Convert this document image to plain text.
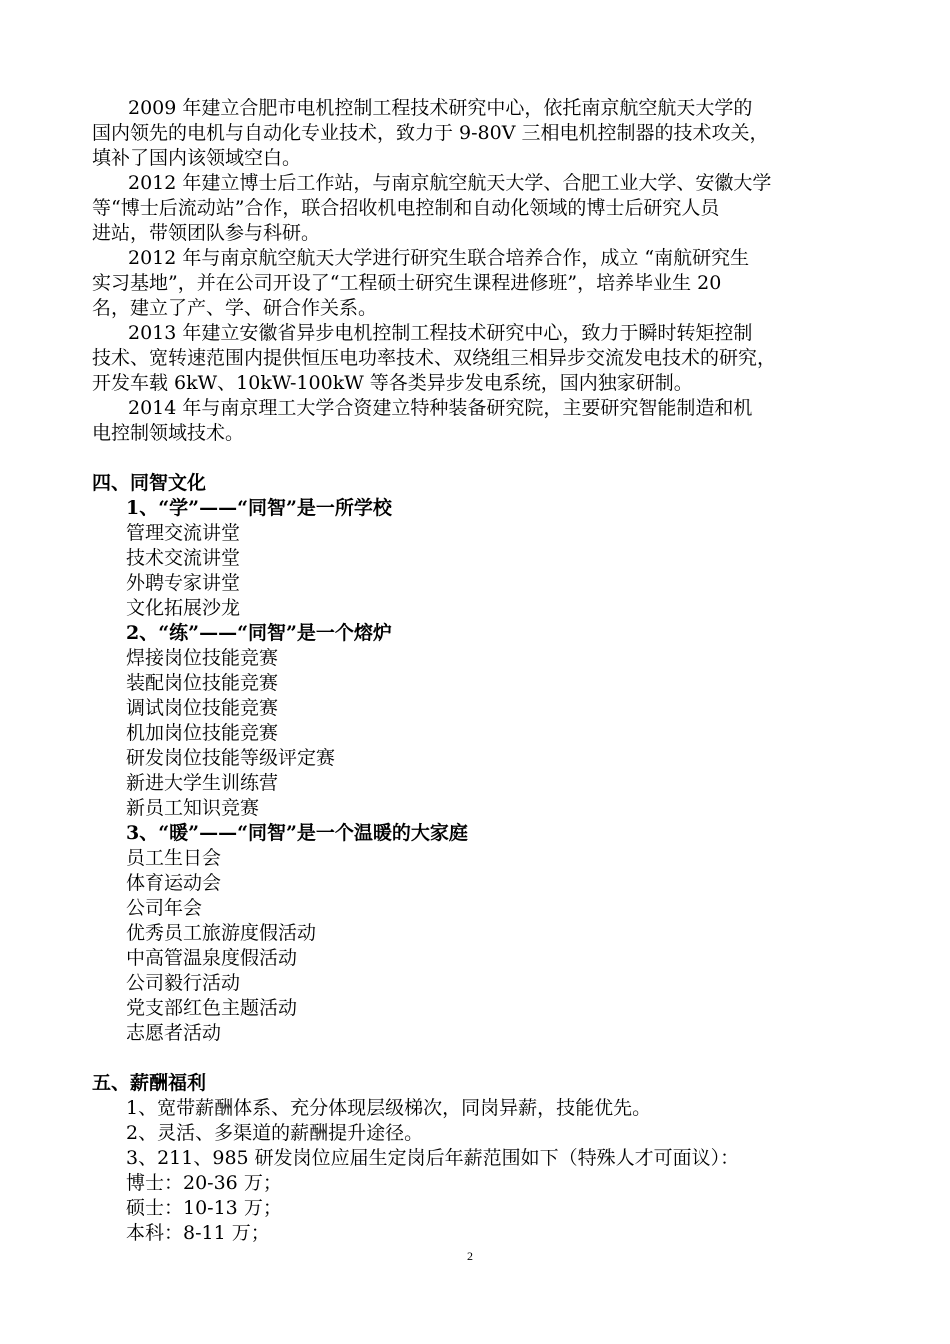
2009 年建立合肥市电机控制工程技术研究中心，依托南京航空航天大学的
国内领先的电机与自动化专业技术，致力于 9-80V 三相电机控制器的技术攻关，
填补了国内该领域空白。
2012 年建立博士后工作站，与南京航空航天大学、合肥工业大学、安徽大学
等“博士后流动站”合作，联合招收机电控制和自动化领域的博士后研究人员
进站，带领团队参与科研。
2012 年与南京航空航天大学进行研究生联合培养合作，成立 “南航研究生
实习基地”，并在公司开设了“工程硕士研究生课程进修班”，培养毕业生 20
名，建立了产、学、研合作关系。
2013 年建立安徽省异步电机控制工程技术研究中心，致力于瞬时转矩控制
技术、宽转速范围内提供恒压电功率技术、双绕组三相异步交流发电技术的研究，
开发车载 6kW、10kW-100kW 等各类异步发电系统，国内独家研制。
2014 年与南京理工大学合资建立特种装备研究院，主要研究智能制造和机
电控制领域技术。
四、同智文化
1、“学”——“同智”是一所学校
管理交流讲堂
技术交流讲堂
外聘专家讲堂
文化拓展沙龙
2、“练”——“同智”是一个熔炉
焊接岗位技能竞赛
装配岗位技能竞赛
调试岗位技能竞赛
机加岗位技能竞赛
研发岗位技能等级评定赛
新进大学生训练营
新员工知识竞赛
3、“暖”——“同智”是一个温暖的大家庭
员工生日会
体育运动会
公司年会
优秀员工旅游度假活动
中高管温泉度假活动
公司毅行活动
党支部红色主题活动
志愿者活动
五、薪酬福利
1、宽带薪酬体系、充分体现层级梯次，同岗异薪，技能优先。
2、灵活、多渠道的薪酬提升途径。
3、211、985 研发岗位应届生定岗后年薪范围如下（特殊人才可面议）：
博士：20-36 万；
硕士：10-13 万；
本科：8-11 万；
2
